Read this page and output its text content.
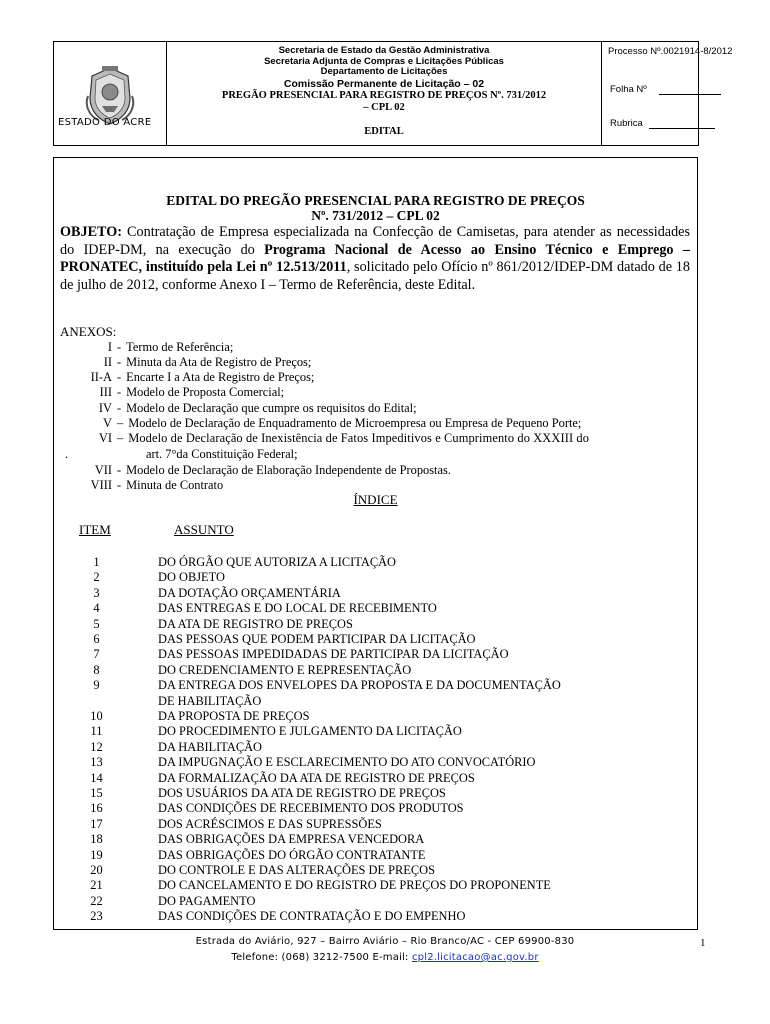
ESTADO DO ACRE
Secretaria de Estado da Gestão Administrativa
Secretaria Adjunta de Compras e Licitações Públicas
Departamento de Licitações
Comissão Permanente de Licitação – 02
PREGÃO PRESENCIAL PARA REGISTRO DE PREÇOS Nº. 731/2012
– CPL 02
EDITAL
Processo Nº.0021914-8/2012
Folha Nº
Rubrica
EDITAL DO PREGÃO PRESENCIAL PARA REGISTRO DE PREÇOS
Nº. 731/2012 – CPL 02
OBJETO: Contratação de Empresa especializada na Confecção de Camisetas, para atender as necessidades do IDEP-DM, na execução do Programa Nacional de Acesso ao Ensino Técnico e Emprego – PRONATEC, instituído pela Lei nº 12.513/2011, solicitado pelo Ofício nº 861/2012/IDEP-DM datado de 18 de julho de 2012, conforme Anexo I – Termo de Referência, deste Edital.
ANEXOS:
I - Termo de Referência;
II - Minuta da Ata de Registro de Preços;
II-A - Encarte I a Ata de Registro de Preços;
III - Modelo de Proposta Comercial;
IV - Modelo de Declaração que cumpre os requisitos do Edital;
V – Modelo de Declaração de Enquadramento de Microempresa ou Empresa de Pequeno Porte;
VI – Modelo de Declaração de Inexistência de Fatos Impeditivos e Cumprimento do XXXIII do
.	art. 7°da Constituição Federal;
VII - Modelo de Declaração de Elaboração Independente de Propostas.
VIII - Minuta de Contrato
ÍNDICE
ITEM	ASSUNTO
1	DO ÓRGÃO QUE AUTORIZA A LICITAÇÃO
2	DO OBJETO
3	DA DOTAÇÃO ORÇAMENTÁRIA
4	DAS ENTREGAS E DO LOCAL DE RECEBIMENTO
5	DA ATA DE REGISTRO DE PREÇOS
6	DAS PESSOAS QUE PODEM PARTICIPAR DA LICITAÇÃO
7	DAS PESSOAS IMPEDIDADAS DE PARTICIPAR DA LICITAÇÃO
8	DO CREDENCIAMENTO E REPRESENTAÇÃO
9	DA ENTREGA DOS ENVELOPES DA PROPOSTA E DA DOCUMENTAÇÃO
DE HABILITAÇÃO
10	DA PROPOSTA DE PREÇOS
11	DO PROCEDIMENTO E JULGAMENTO DA LICITAÇÃO
12	DA HABILITAÇÃO
13	DA IMPUGNAÇÃO E ESCLARECIMENTO DO ATO CONVOCATÓRIO
14	DA FORMALIZAÇÃO DA ATA DE REGISTRO DE PREÇOS
15	DOS USUÁRIOS DA ATA DE REGISTRO DE PREÇOS
16	DAS CONDIÇÕES DE RECEBIMENTO DOS PRODUTOS
17	DOS ACRÉSCIMOS E DAS SUPRESSÕES
18	DAS OBRIGAÇÕES DA EMPRESA VENCEDORA
19	DAS OBRIGAÇÕES DO ÓRGÃO CONTRATANTE
20	DO CONTROLE E DAS ALTERAÇÕES DE PREÇOS
21	DO CANCELAMENTO E DO REGISTRO DE PREÇOS DO PROPONENTE
22	DO PAGAMENTO
23	DAS CONDIÇÕES DE CONTRATAÇÃO E DO EMPENHO
Estrada do Aviário, 927 – Bairro Aviário – Rio Branco/AC - CEP 69900-830
Telefone: (068) 3212-7500 E-mail: cpl2.licitacao@ac.gov.br
1
